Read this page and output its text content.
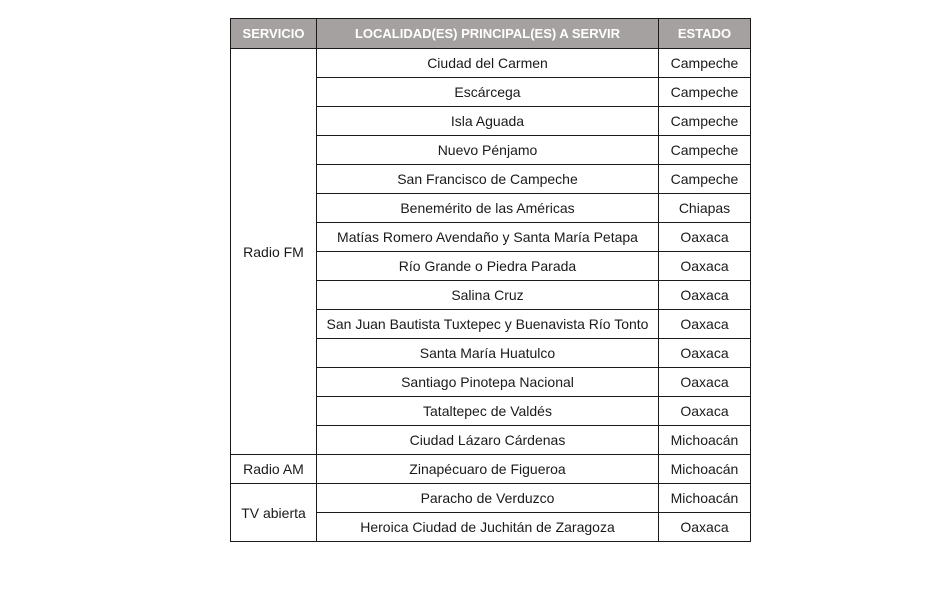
SERVICIO	LOCALIDAD(ES) PRINCIPAL(ES) A SERVIR	ESTADO
Radio FM	Ciudad del Carmen	Campeche
	Escárcega	Campeche
	Isla Aguada	Campeche
	Nuevo Pénjamo	Campeche
	San Francisco de Campeche	Campeche
	Benemérito de las Américas	Chiapas
	Matías Romero Avendaño y Santa María Petapa	Oaxaca
	Río Grande o Piedra Parada	Oaxaca
	Salina Cruz	Oaxaca
	San Juan Bautista Tuxtepec y Buenavista Río Tonto	Oaxaca
	Santa María Huatulco	Oaxaca
	Santiago Pinotepa Nacional	Oaxaca
	Tataltepec de Valdés	Oaxaca
	Ciudad Lázaro Cárdenas	Michoacán
Radio AM	Zinapécuaro de Figueroa	Michoacán
TV abierta	Paracho de Verduzco	Michoacán
	Heroica Ciudad de Juchitán de Zaragoza	Oaxaca
